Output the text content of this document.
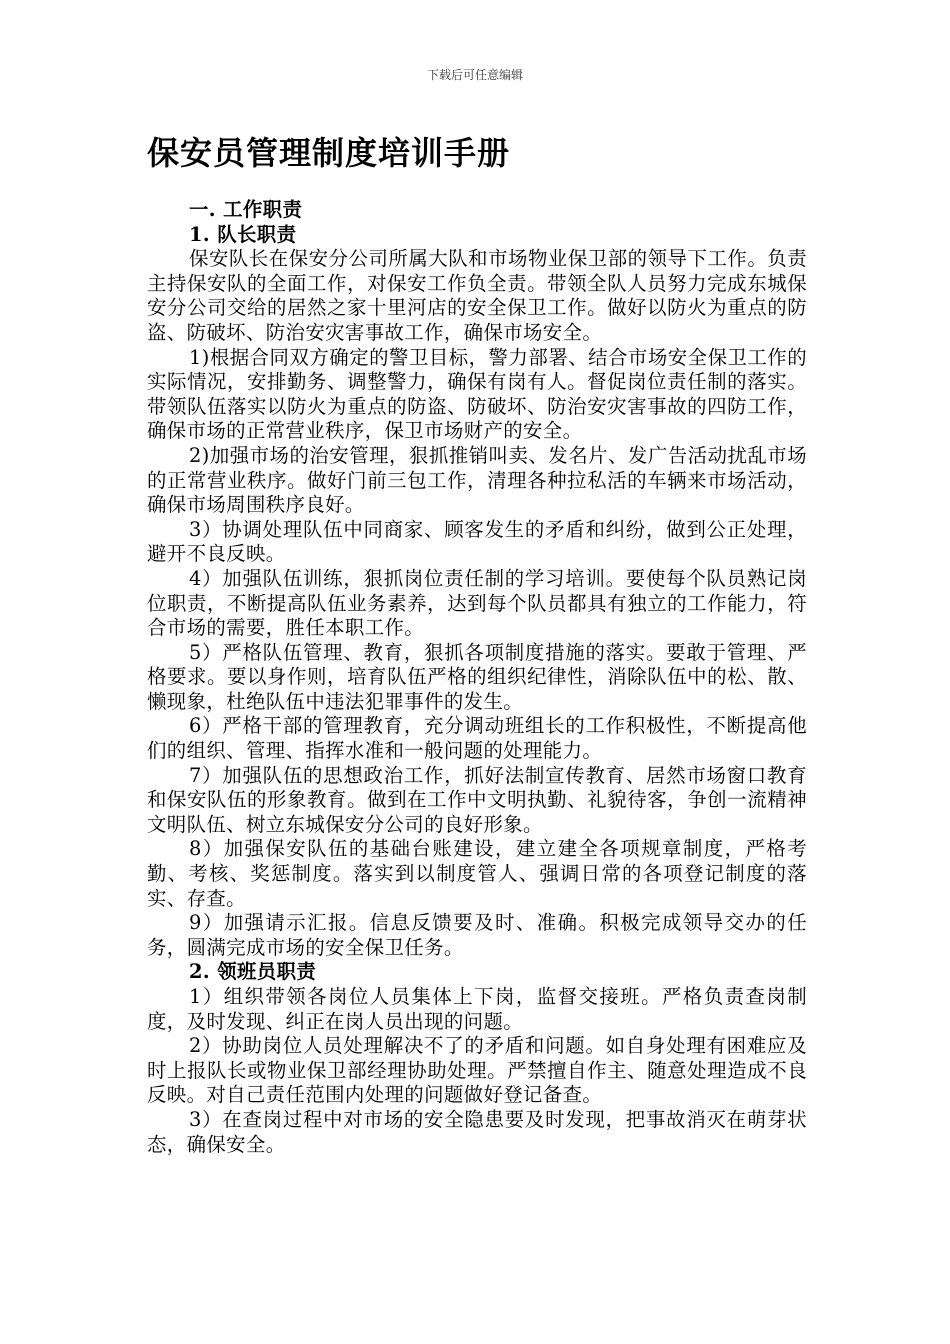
下载后可任意编辑
保安员管理制度培训手册
一. 工作职责
1. 队长职责
保安队长在保安分公司所属大队和市场物业保卫部的领导下工作。负责主持保安队的全面工作，对保安工作负全责。带领全队人员努力完成东城保安分公司交给的居然之家十里河店的安全保卫工作。做好以防火为重点的防盗、防破坏、防治安灾害事故工作，确保市场安全。
1)根据合同双方确定的警卫目标，警力部署、结合市场安全保卫工作的实际情况，安排勤务、调整警力，确保有岗有人。督促岗位责任制的落实。带领队伍落实以防火为重点的防盗、防破坏、防治安灾害事故的四防工作，确保市场的正常营业秩序，保卫市场财产的安全。
2)加强市场的治安管理，狠抓推销叫卖、发名片、发广告活动扰乱市场的正常营业秩序。做好门前三包工作，清理各种拉私活的车辆来市场活动，确保市场周围秩序良好。
3）协调处理队伍中同商家、顾客发生的矛盾和纠纷，做到公正处理，避开不良反映。
4）加强队伍训练，狠抓岗位责任制的学习培训。要使每个队员熟记岗位职责，不断提高队伍业务素养，达到每个队员都具有独立的工作能力，符合市场的需要，胜任本职工作。
5）严格队伍管理、教育，狠抓各项制度措施的落实。要敢于管理、严格要求。要以身作则，培育队伍严格的组织纪律性，消除队伍中的松、散、懒现象，杜绝队伍中违法犯罪事件的发生。
6）严格干部的管理教育，充分调动班组长的工作积极性，不断提高他们的组织、管理、指挥水准和一般问题的处理能力。
7）加强队伍的思想政治工作，抓好法制宣传教育、居然市场窗口教育和保安队伍的形象教育。做到在工作中文明执勤、礼貌待客，争创一流精神文明队伍、树立东城保安分公司的良好形象。
8）加强保安队伍的基础台账建设，建立建全各项规章制度，严格考勤、考核、奖惩制度。落实到以制度管人、强调日常的各项登记制度的落实、存查。
9）加强请示汇报。信息反馈要及时、准确。积极完成领导交办的任务，圆满完成市场的安全保卫任务。
2. 领班员职责
1）组织带领各岗位人员集体上下岗，监督交接班。严格负责查岗制度，及时发现、纠正在岗人员出现的问题。
2）协助岗位人员处理解决不了的矛盾和问题。如自身处理有困难应及时上报队长或物业保卫部经理协助处理。严禁擅自作主、随意处理造成不良反映。对自己责任范围内处理的问题做好登记备查。
3）在查岗过程中对市场的安全隐患要及时发现，把事故消灭在萌芽状态，确保安全。
